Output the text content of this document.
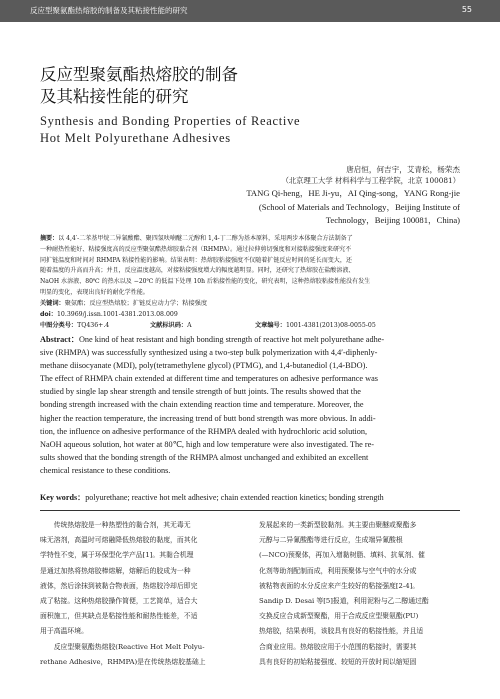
反应型聚氨酯热熔胶的制备及其粘接性能的研究	55
反应型聚氨酯热熔胶的制备
及其粘接性能的研究
Synthesis and Bonding Properties of Reactive
Hot Melt Polyurethane Adhesives
唐启恒，何吉宇，艾青松，杨荣杰
（北京理工大学 材料科学与工程学院，北京 100081）
TANG Qi-heng，HE Ji-yu，AI Qing-song，YANG Rong-jie
(School of Materials and Technology，Beijing Institute of
Technology，Beijing 100081，China)
摘要：以 4,4′-二苯基甲烷二异氰酸酯、聚四氢呋喃醚二元醇和 1,4-丁二醇为基本原料，采用两步本体聚合方法制备了
一种耐热性能好、粘接强度高的反应型聚氨酯热熔胶黏合剂（RHMPA）。通过拉伸剪切强度和对接粘接强度来研究不
同扩链温度和时间对 RHMPA 粘接性能的影响。结果表明：热熔胶粘接强度不仅随着扩链反应时间的延长而变大，还
随着温度的升高而升高；并且，反应温度越高，对接粘接强度增大的幅度越明显。同时，还研究了热熔胶在盐酸溶液、
NaOH 水溶液、80℃ 的热水以及 −20℃ 的低温下处理 10h 后粘接性能的变化，研究表明，这种热熔胶粘接性能没有发生
明显的变化，表现出良好的耐化学性能。
关键词：聚氨酯；反应型热熔胶；扩链反应动力学；粘接强度
doi：10.3969/j.issn.1001-4381.2013.08.009
中图分类号：TQ436+.4	文献标识码：A	文章编号：1001-4381(2013)08-0055-05
Abstract：One kind of heat resistant and high bonding strength of reactive hot melt polyurethane adhe-
sive (RHMPA) was successfully synthesized using a two-step bulk polymerization with 4,4′-diphenly-
methane diisocyanate (MDI), poly(tetramethylene glycol) (PTMG), and 1,4-butanediol (1,4-BDO).
The effect of RHMPA chain extended at different time and temperatures on adhesive performance was
studied by single lap shear strength and tensile strength of butt joints. The results showed that the
bonding strength increased with the chain extending reaction time and temperature. Moreover, the
higher the reaction temperature, the increasing trend of butt bond strength was more obvious. In addi-
tion, the influence on adhesive performance of the RHMPA dealed with hydrochloric acid solution,
NaOH aqueous solution, hot water at 80℃, high and low temperature were also investigated. The re-
sults showed that the bonding strength of the RHMPA almost unchanged and exhibited an excellent
chemical resistance to these conditions.
Key words：polyurethane; reactive hot melt adhesive; chain extended reaction kinetics; bonding strength
　　传统热熔胶是一种热塑性的黏合剂，其无毒无
味无溶剂，高温时可熔融降低热熔胶的黏度，而其化
学特性不变，属于环保型化学产品[1]。其黏合机理
是通过加热将热熔胶棒熔解，熔解后的胶成为一种
液体，然后涂抹到被黏合物表面，热熔胶冷却后即完
成了粘接。这种热熔胶操作简便，工艺简单，适合大
面积施工，但其缺点是粘接性能和耐热性能差，不适
用于高温环境。
　　反应型聚氨酯热熔胶(Reactive Hot Melt Polyu-
rethane Adhesive，RHMPA)是在传统热熔胶基础上
发展起来的一类新型胶黏剂。其主要由聚醚或聚酯多
元醇与二异氰酸酯等进行反应，生成端异氰酸根
(—NCO)预聚体，再加入增黏树脂、填料、抗氧剂、催
化剂等助剂配制而成，利用预聚体与空气中的水分或
被粘物表面的水分反应来产生较好的粘接强度[2-4]。
Sandip D. Desai 等[5]报道，利用泥粉与乙二醇通过酯
交换反应合成新型聚酯，用于合成反应型聚氨酯(PU)
热熔胶，结果表明，该胶具有良好的粘接性能，并且适
合商业应用。热熔胶应用于小范围的粘接时，需要其
具有良好的初始粘接强度、较短的开放时间以缩短固
